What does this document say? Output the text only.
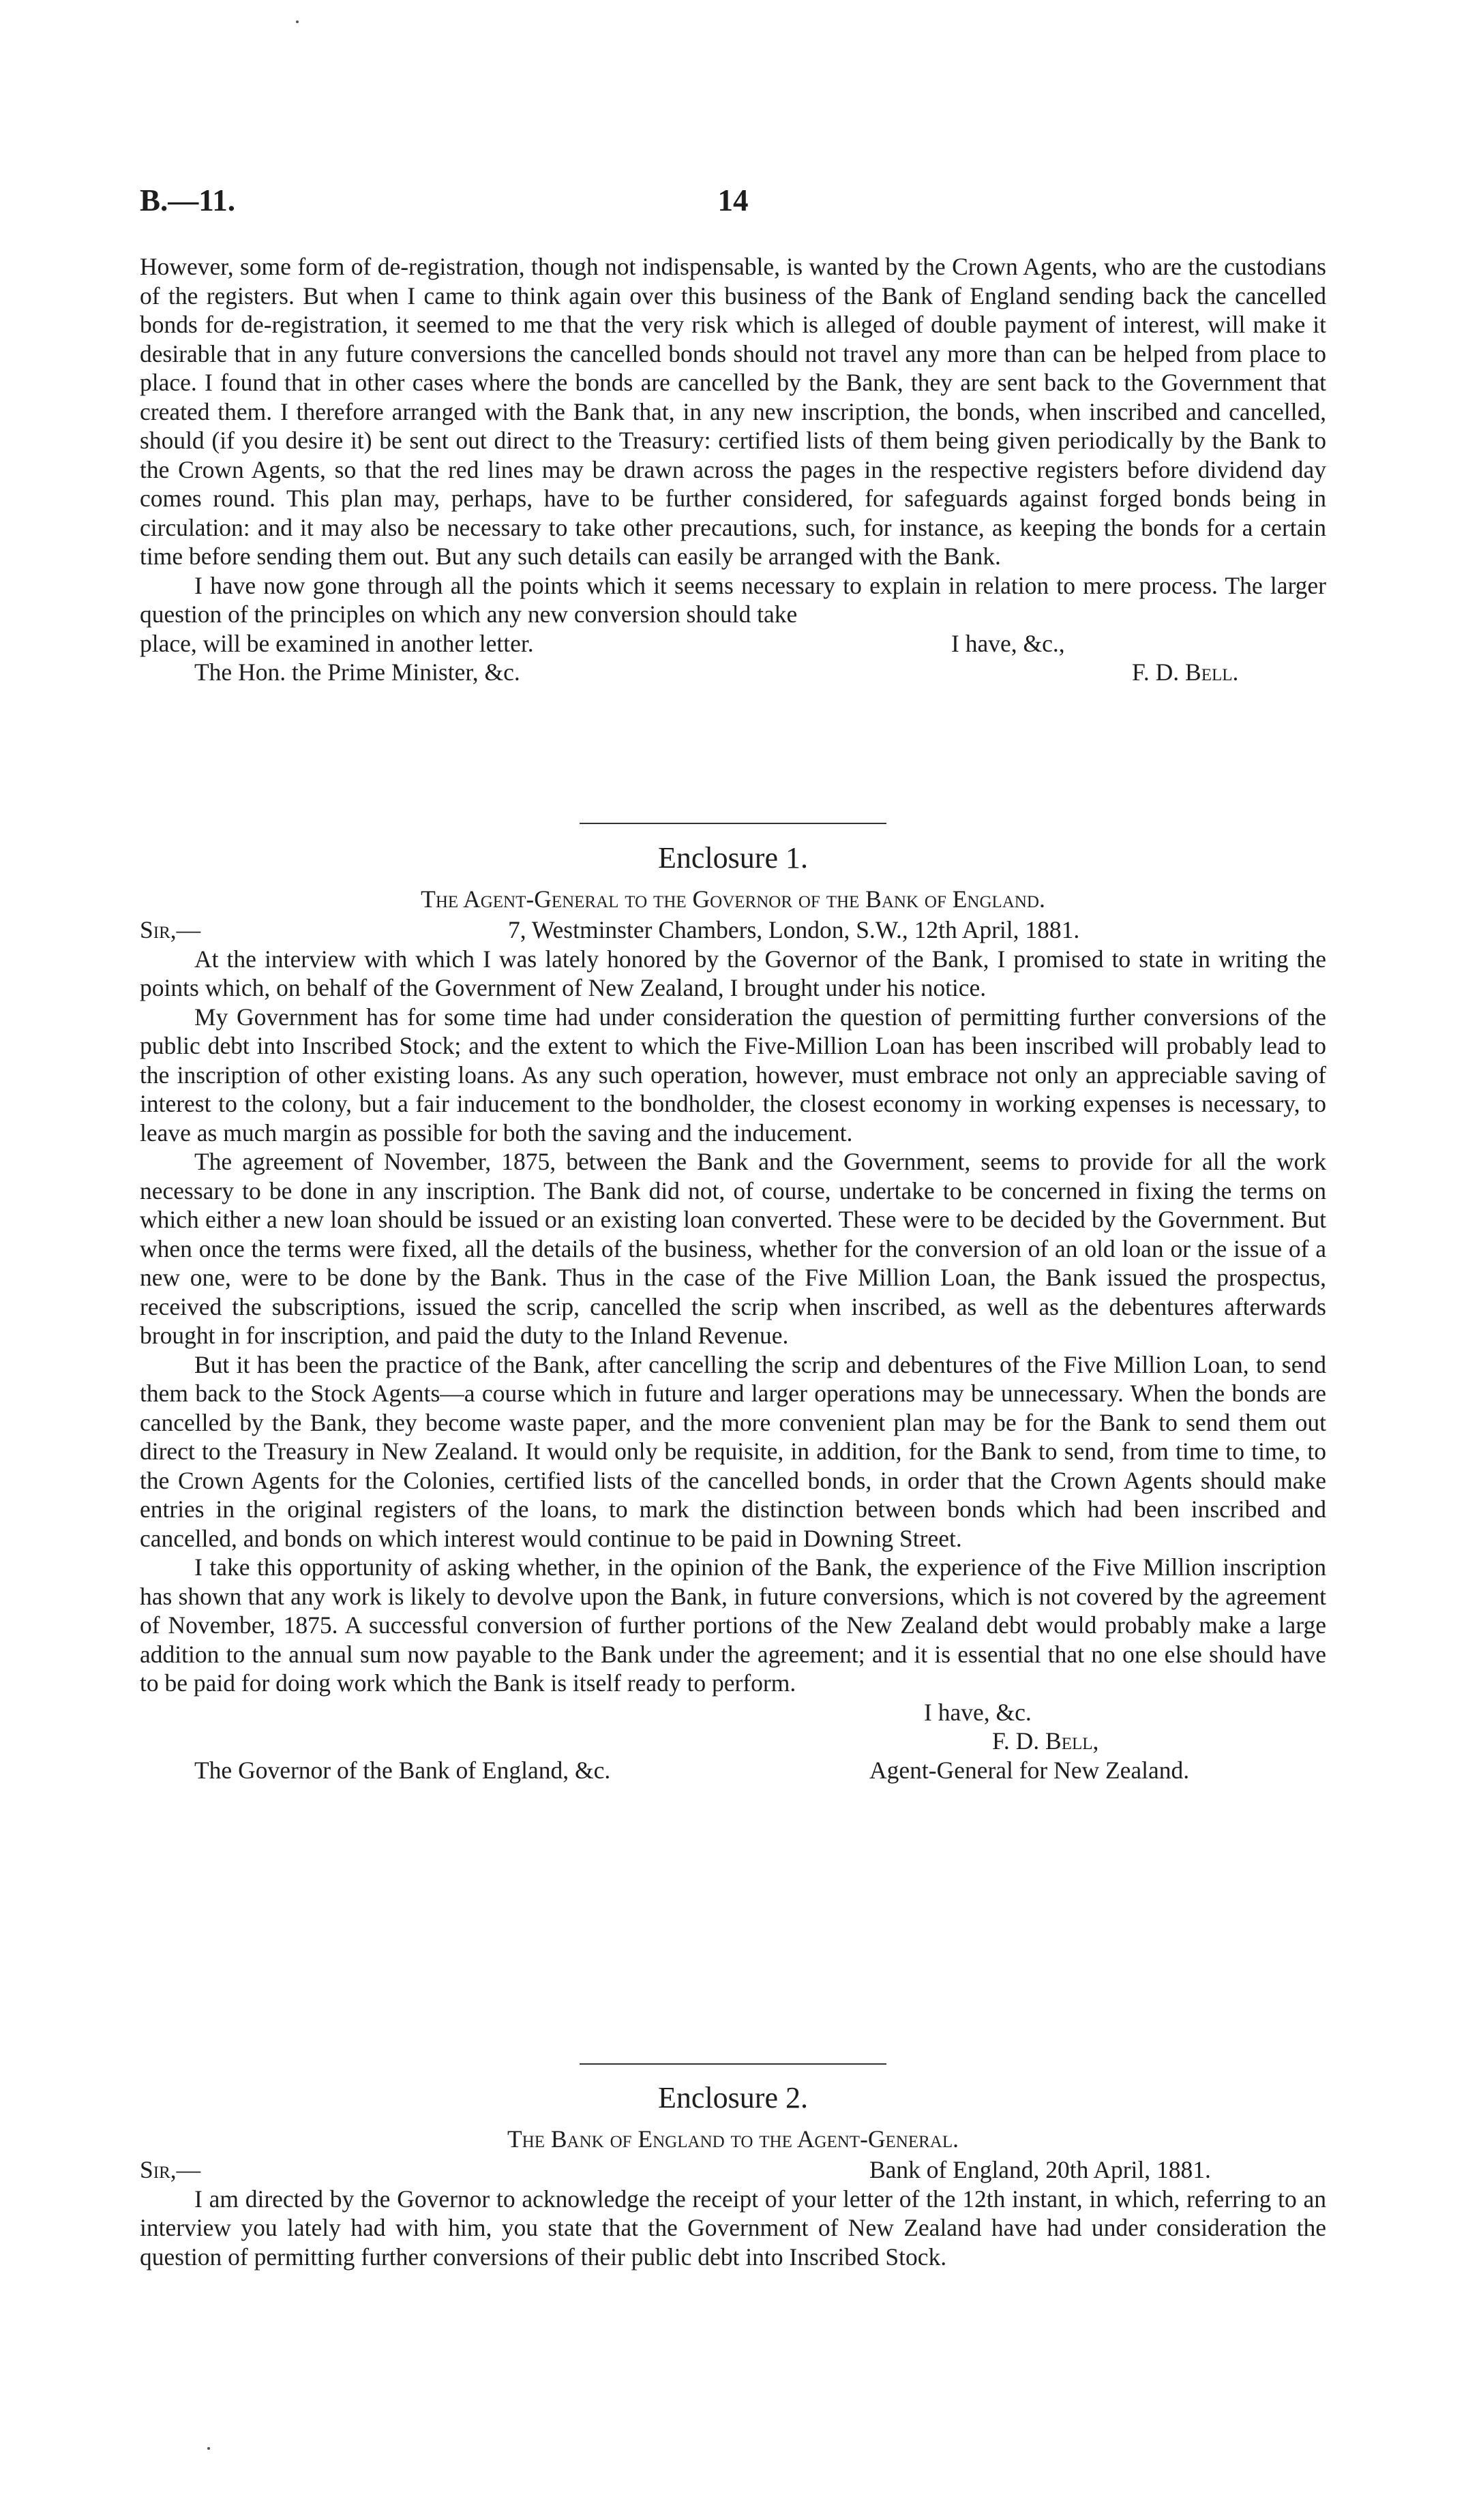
B.—11.	14

However, some form of de-registration, though not indispensable, is wanted by the Crown Agents, who are the custodians of the registers. But when I came to think again over this business of the Bank of England sending back the cancelled bonds for de-registration, it seemed to me that the very risk which is alleged of double payment of interest, will make it desirable that in any future conversions the cancelled bonds should not travel any more than can be helped from place to place. I found that in other cases where the bonds are cancelled by the Bank, they are sent back to the Government that created them. I therefore arranged with the Bank that, in any new inscription, the bonds, when inscribed and cancelled, should (if you desire it) be sent out direct to the Treasury: certified lists of them being given periodically by the Bank to the Crown Agents, so that the red lines may be drawn across the pages in the respective registers before dividend day comes round. This plan may, perhaps, have to be further considered, for safeguards against forged bonds being in circulation: and it may also be necessary to take other precautions, such, for instance, as keeping the bonds for a certain time before sending them out. But any such details can easily be arranged with the Bank.

I have now gone through all the points which it seems necessary to explain in relation to mere process. The larger question of the principles on which any new conversion should take

place, will be examined in another letter.	I have, &c.,
The Hon. the Prime Minister, &c.	F. D. Bell.
Enclosure 1.
The Agent-General to the Governor of the Bank of England.
Sir,—	7, Westminster Chambers, London, S.W., 12th April, 1881.

At the interview with which I was lately honored by the Governor of the Bank, I promised to state in writing the points which, on behalf of the Government of New Zealand, I brought under his notice.

My Government has for some time had under consideration the question of permitting further conversions of the public debt into Inscribed Stock; and the extent to which the Five-Million Loan has been inscribed will probably lead to the inscription of other existing loans. As any such operation, however, must embrace not only an appreciable saving of interest to the colony, but a fair inducement to the bondholder, the closest economy in working expenses is necessary, to leave as much margin as possible for both the saving and the inducement.

The agreement of November, 1875, between the Bank and the Government, seems to provide for all the work necessary to be done in any inscription. The Bank did not, of course, undertake to be concerned in fixing the terms on which either a new loan should be issued or an existing loan converted. These were to be decided by the Government. But when once the terms were fixed, all the details of the business, whether for the conversion of an old loan or the issue of a new one, were to be done by the Bank. Thus in the case of the Five Million Loan, the Bank issued the prospectus, received the subscriptions, issued the scrip, cancelled the scrip when inscribed, as well as the debentures afterwards brought in for inscription, and paid the duty to the Inland Revenue.

But it has been the practice of the Bank, after cancelling the scrip and debentures of the Five Million Loan, to send them back to the Stock Agents—a course which in future and larger operations may be unnecessary. When the bonds are cancelled by the Bank, they become waste paper, and the more convenient plan may be for the Bank to send them out direct to the Treasury in New Zealand. It would only be requisite, in addition, for the Bank to send, from time to time, to the Crown Agents for the Colonies, certified lists of the cancelled bonds, in order that the Crown Agents should make entries in the original registers of the loans, to mark the distinction between bonds which had been inscribed and cancelled, and bonds on which interest would continue to be paid in Downing Street.

I take this opportunity of asking whether, in the opinion of the Bank, the experience of the Five Million inscription has shown that any work is likely to devolve upon the Bank, in future conversions, which is not covered by the agreement of November, 1875. A successful conversion of further portions of the New Zealand debt would probably make a large addition to the annual sum now payable to the Bank under the agreement; and it is essential that no one else should have to be paid for doing work which the Bank is itself ready to perform.

I have, &c.
F. D. Bell,
The Governor of the Bank of England, &c.	Agent-General for New Zealand.
Enclosure 2.
The Bank of England to the Agent-General.
Sir,—	Bank of England, 20th April, 1881.

I am directed by the Governor to acknowledge the receipt of your letter of the 12th instant, in which, referring to an interview you lately had with him, you state that the Government of New Zealand have had under consideration the question of permitting further conversions of their public debt into Inscribed Stock.
